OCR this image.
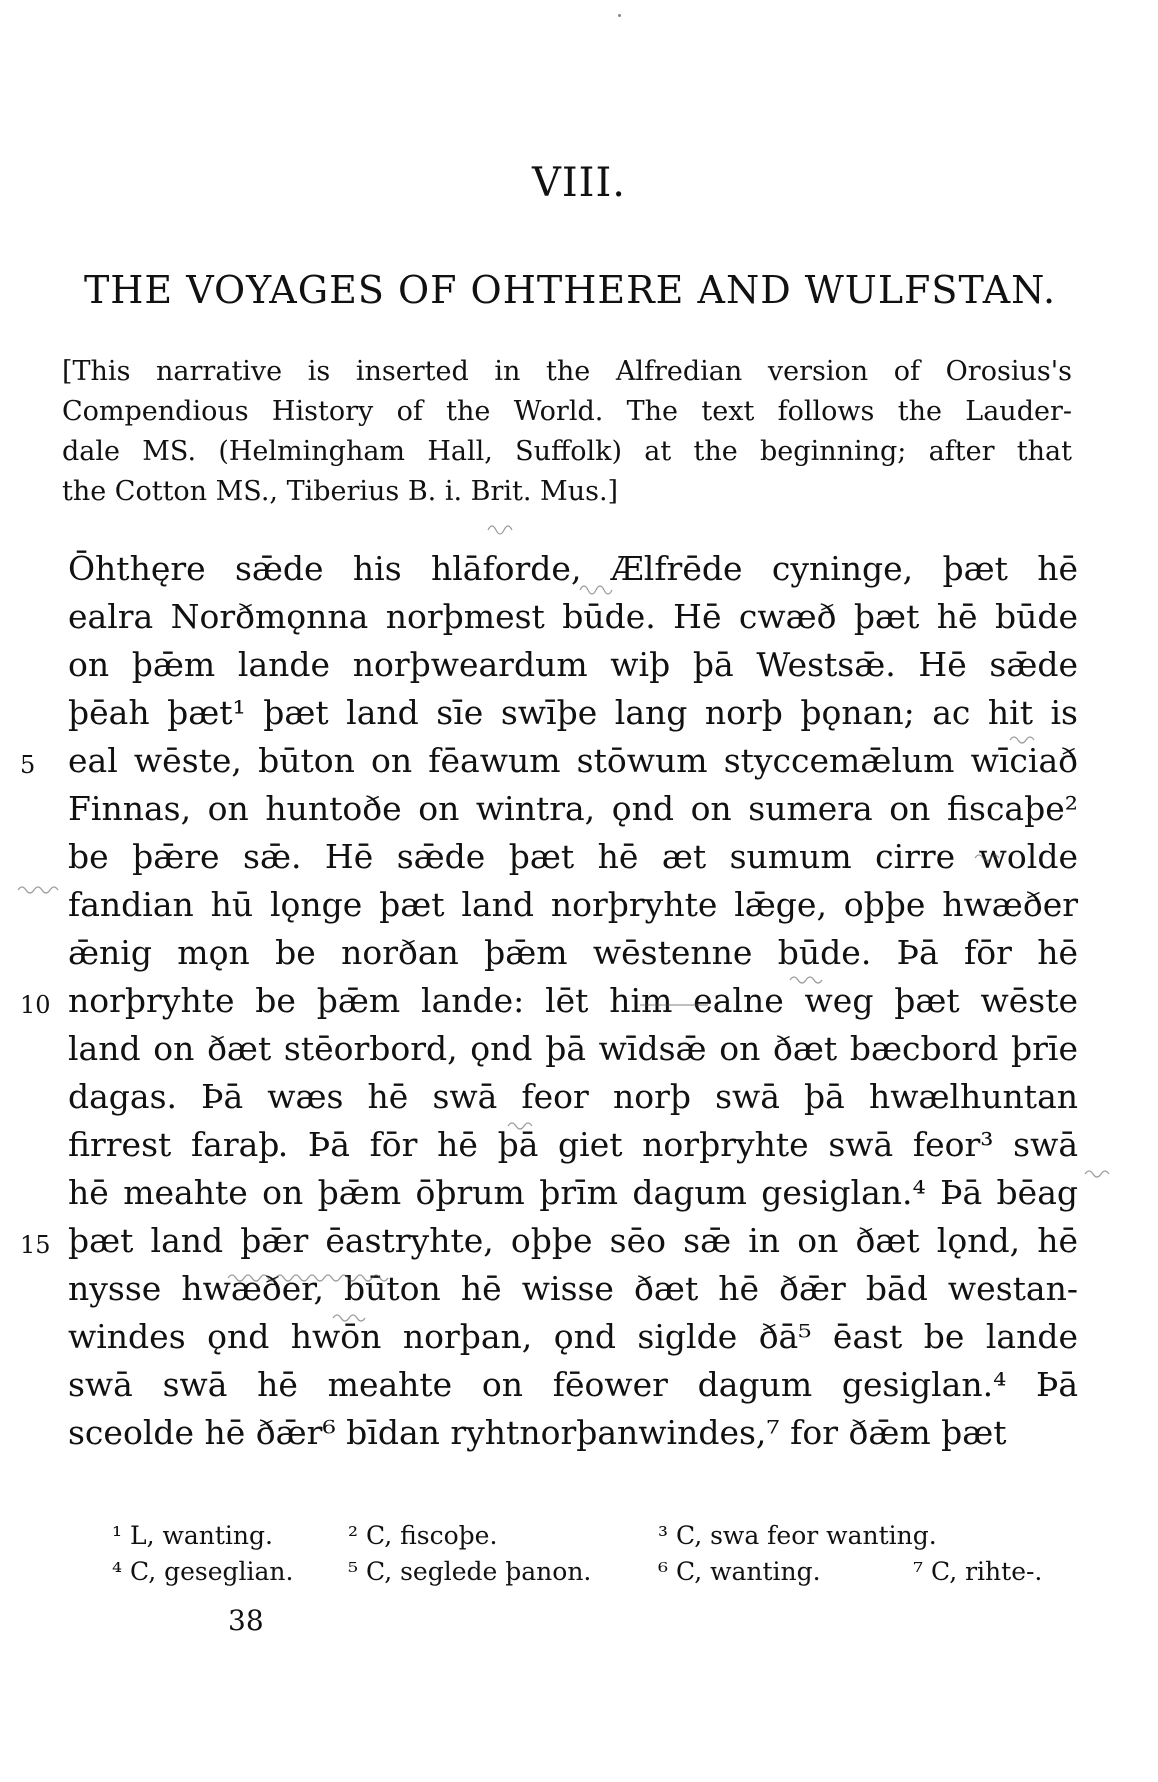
VIII.
THE VOYAGES OF OHTHERE AND WULFSTAN.
[This narrative is inserted in the Alfredian version of Orosius's
Compendious History of the World. The text follows the Lauder-
dale MS. (Helmingham Hall, Suffolk) at the beginning; after that
the Cotton MS., Tiberius B. i. Brit. Mus.]
Ōhthęre sǣde his hlāforde, Ælfrēde cyninge, þæt hē
ealra Norðmǫnna norþmest būde. Hē cwæð þæt hē būde
on þǣm lande norþweardum wiþ þā Westsǣ. Hē sǣde
þēah þæt¹ þæt land sīe swīþe lang norþ þǫnan; ac hit is
5 eal wēste, būton on fēawum stōwum styccemǣlum wīciað
Finnas, on huntoðe on wintra, ǫnd on sumera on fiscaþe²
be þǣre sǣ. Hē sǣde þæt hē æt sumum cirre wolde
fandian hū lǫnge þæt land norþryhte lǣge, oþþe hwæðer
ǣnig mǫn be norðan þǣm wēstenne būde. Þā fōr hē
10 norþryhte be þǣm lande: lēt him ealne weg þæt wēste
land on ðæt stēorbord, ǫnd þā wīdsǣ on ðæt bæcbord þrīe
dagas. Þā wæs hē swā feor norþ swā þā hwælhuntan
firrest faraþ. Þā fōr hē þā giet norþryhte swā feor³ swā
hē meahte on þǣm ōþrum þrīm dagum gesiglan.⁴ Þā bēag
15 þæt land þǣr ēastryhte, oþþe sēo sǣ in on ðæt lǫnd, hē
nysse hwæðer, būton hē wisse ðæt hē ðǣr bād westan-
windes ǫnd hwōn norþan, ǫnd siglde ðā⁵ ēast be lande
swā swā hē meahte on fēower dagum gesiglan.⁴ Þā
sceolde hē ðǣr⁶ bīdan ryhtnorþanwindes,⁷ for ðǣm þæt
¹ L, wanting.	² C, fiscoþe.	³ C, swa feor wanting.
⁴ C, geseglian.	⁵ C, seglede þanon.	⁶ C, wanting.	⁷ C, rihte-.
38
